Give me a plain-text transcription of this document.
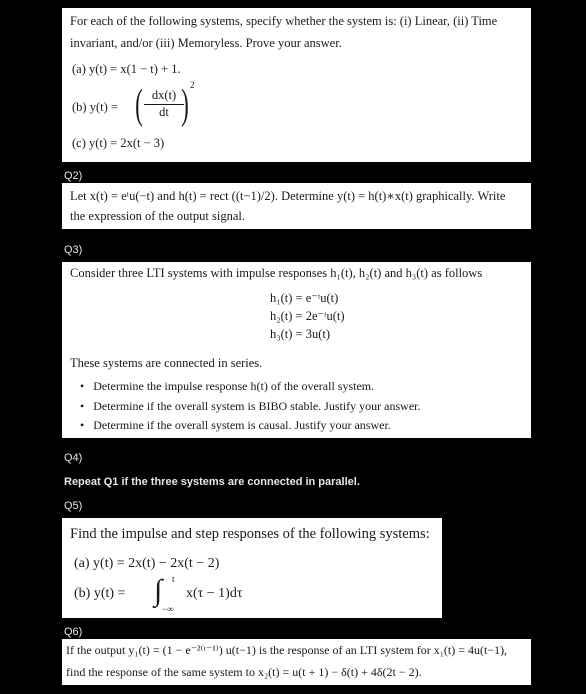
For each of the following systems, specify whether the system is: (i) Linear, (ii) Time
invariant, and/or (iii) Memoryless. Prove your answer.
(a) y(t) = x(1 − t) + 1.
(b) y(t) = ( $\frac{dx(t)}{dt}$
) 2
(c) y(t) = 2x(t − 3)
Q2)
Let x(t) = eᵗu(−t) and h(t) = rect ((t−1)/2). Determine y(t) = h(t)∗x(t) graphically. Write
the expression of the output signal.
Q3)
Consider three LTI systems with impulse responses h₁(t), h₂(t) and h₃(t) as follows
h₁(t) = e⁻ᵗu(t)
h₂(t) = 2e⁻ᵗu(t)
h₃(t) = 3u(t)
These systems are connected in series.
• Determine the impulse response h(t) of the overall system.
• Determine if the overall system is BIBO stable. Justify your answer.
• Determine if the overall system is causal. Justify your answer.
Q4)
Repeat Q1 if the three systems are connected in parallel.
Q5)
Find the impulse and step responses of the following systems:
(a) y(t) = 2x(t) − 2x(t − 2)
(b) y(t) = ∫ t
−∞
x(τ − 1)dτ
Q6)
If the output y₁(t) = (1 − e⁻²⁽ᵗ⁻¹⁾) u(t−1) is the response of an LTI system for x₁(t) = 4u(t−1),
find the response of the same system to x₂(t) = u(t + 1) − δ(t) + 4δ(2t − 2).
